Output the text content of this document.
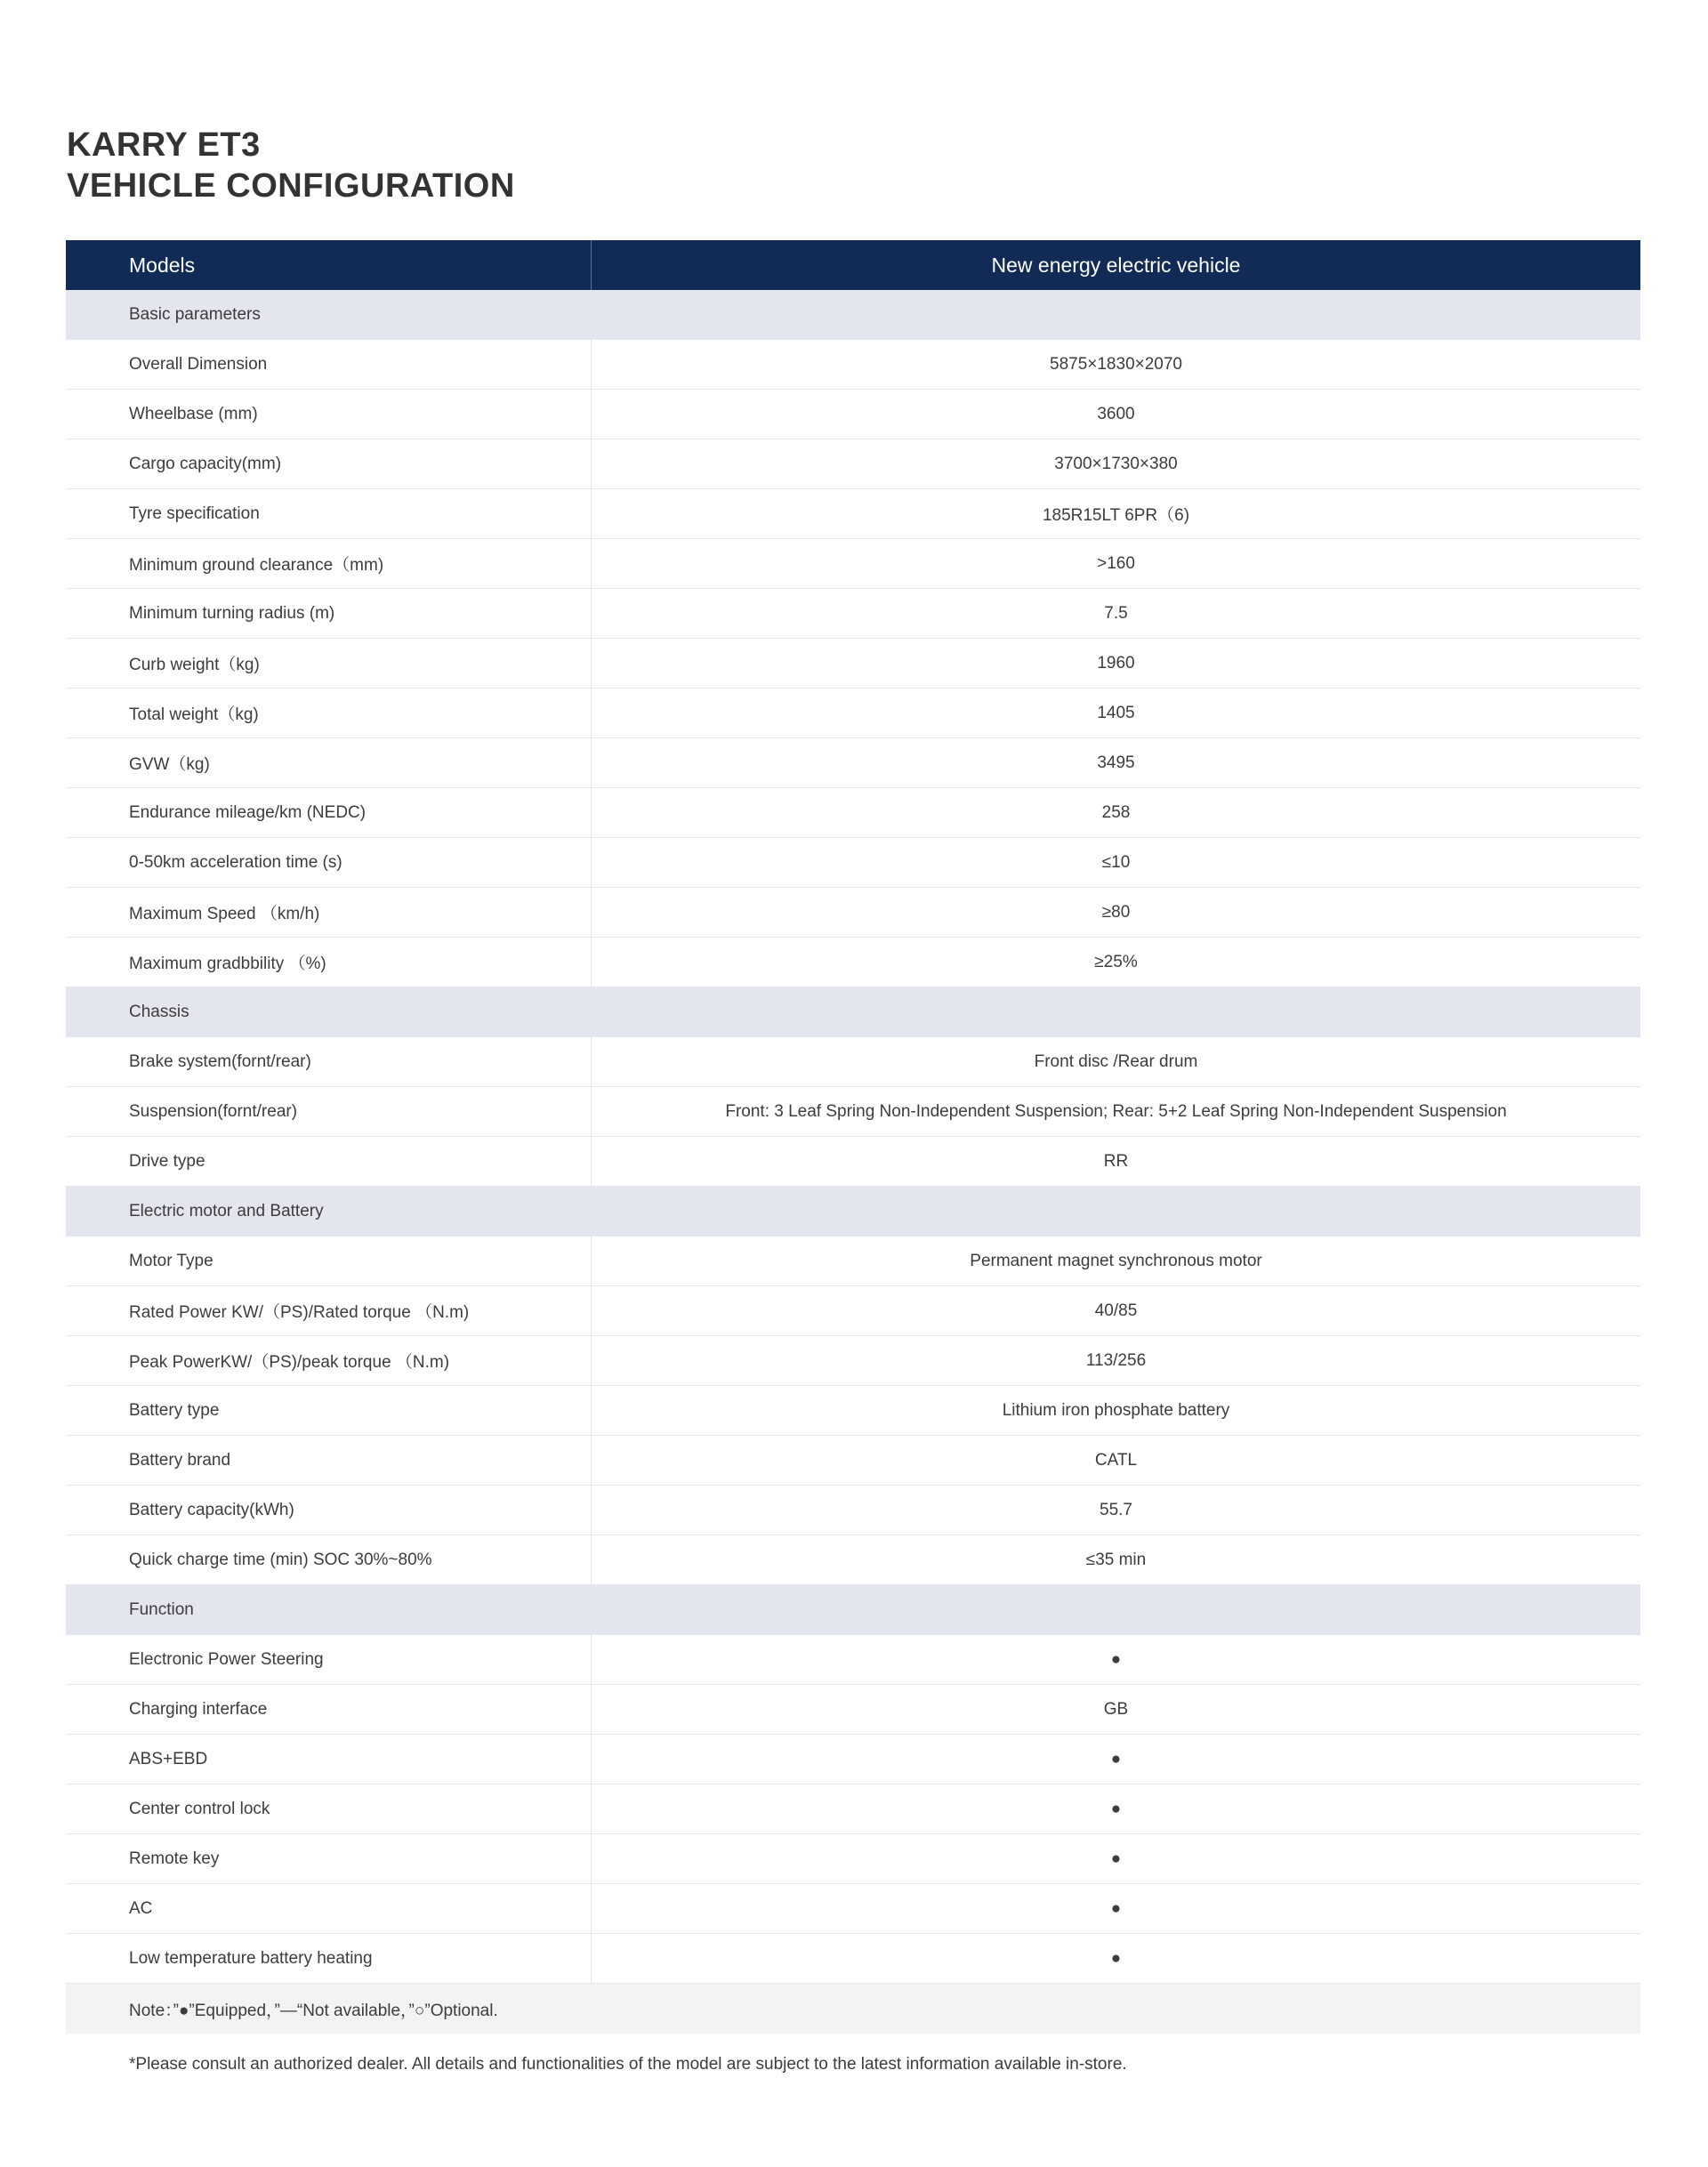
KARRY ET3
VEHICLE CONFIGURATION
Models	New energy electric vehicle
Basic parameters
Overall Dimension	5875×1830×2070
Wheelbase (mm)	3600
Cargo capacity(mm)	3700×1730×380
Tyre specification	185R15LT 6PR（6)
Minimum ground clearance（mm)	>160
Minimum turning radius (m)	7.5
Curb weight（kg)	1960
Total weight（kg)	1405
GVW（kg)	3495
Endurance mileage/km (NEDC)	258
0-50km acceleration time (s)	≤10
Maximum Speed （km/h)	≥80
Maximum gradbbility （%)	≥25%
Chassis
Brake system(fornt/rear)	Front disc /Rear drum
Suspension(fornt/rear)	Front: 3 Leaf Spring Non-Independent Suspension; Rear: 5+2 Leaf Spring Non-Independent Suspension
Drive type	RR
Electric motor and Battery
Motor Type	Permanent magnet synchronous motor
Rated Power KW/（PS)/Rated torque （N.m)	40/85
Peak PowerKW/（PS)/peak torque （N.m)	113/256
Battery type	Lithium iron phosphate battery
Battery brand	CATL
Battery capacity(kWh)	55.7
Quick charge time (min) SOC 30%~80%	≤35 min
Function
Electronic Power Steering	●
Charging interface	GB
ABS+EBD	●
Center control lock	●
Remote key	●
AC	●
Low temperature battery heating	●
Note：”●”Equipped，”—“Not available，”○”Optional.
*Please consult an authorized dealer. All details and functionalities of the model are subject to the latest information available in-store.
